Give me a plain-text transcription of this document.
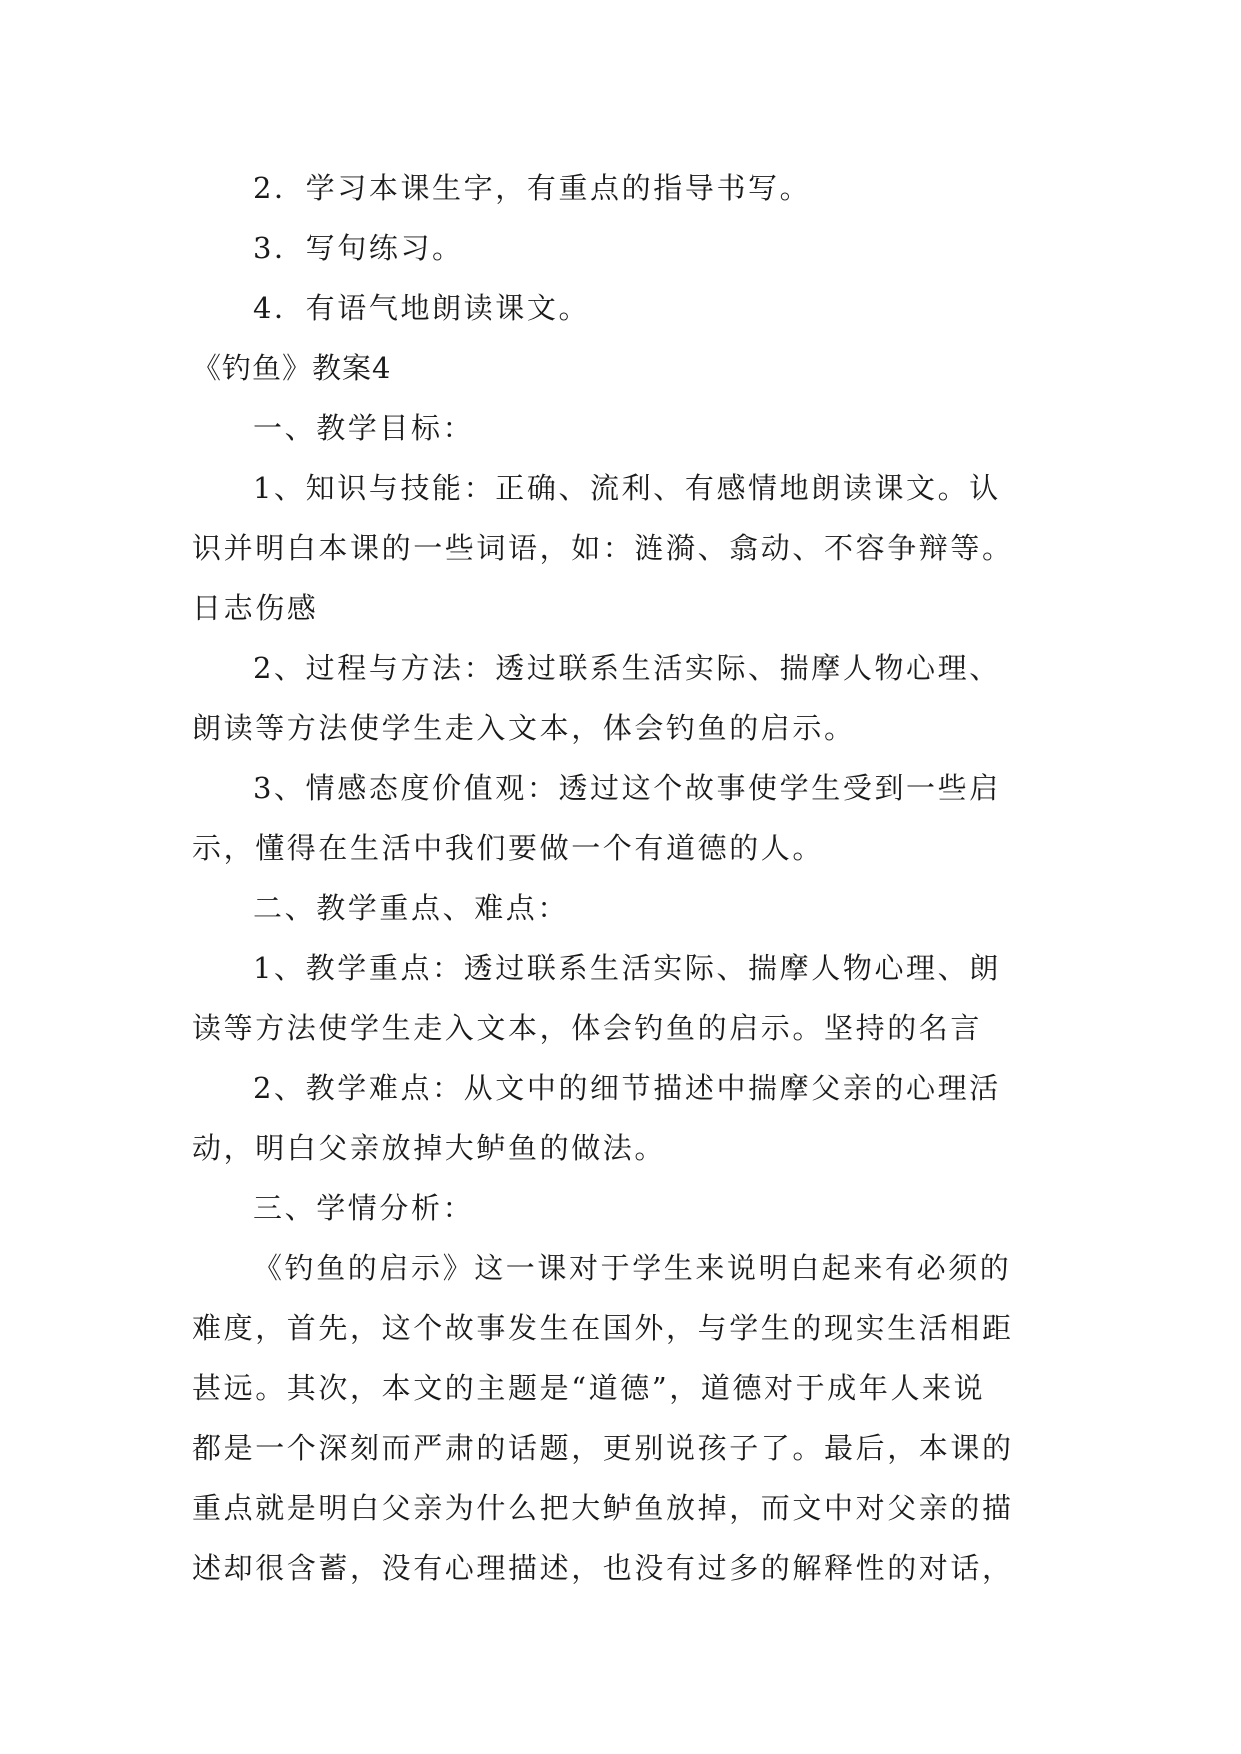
2．学习本课生字，有重点的指导书写。
3．写句练习。
4．有语气地朗读课文。
《钓鱼》教案4
一、教学目标：
1、知识与技能：正确、流利、有感情地朗读课文。认
识并明白本课的一些词语，如：涟漪、翕动、不容争辩等。
日志伤感
2、过程与方法：透过联系生活实际、揣摩人物心理、
朗读等方法使学生走入文本，体会钓鱼的启示。
3、情感态度价值观：透过这个故事使学生受到一些启
示，懂得在生活中我们要做一个有道德的人。
二、教学重点、难点：
1、教学重点：透过联系生活实际、揣摩人物心理、朗
读等方法使学生走入文本，体会钓鱼的启示。坚持的名言
2、教学难点：从文中的细节描述中揣摩父亲的心理活
动，明白父亲放掉大鲈鱼的做法。
三、学情分析：
《钓鱼的启示》这一课对于学生来说明白起来有必须的
难度，首先，这个故事发生在国外，与学生的现实生活相距
甚远。其次，本文的主题是“道德”，道德对于成年人来说
都是一个深刻而严肃的话题，更别说孩子了。最后，本课的
重点就是明白父亲为什么把大鲈鱼放掉，而文中对父亲的描
述却很含蓄，没有心理描述，也没有过多的解释性的对话，
